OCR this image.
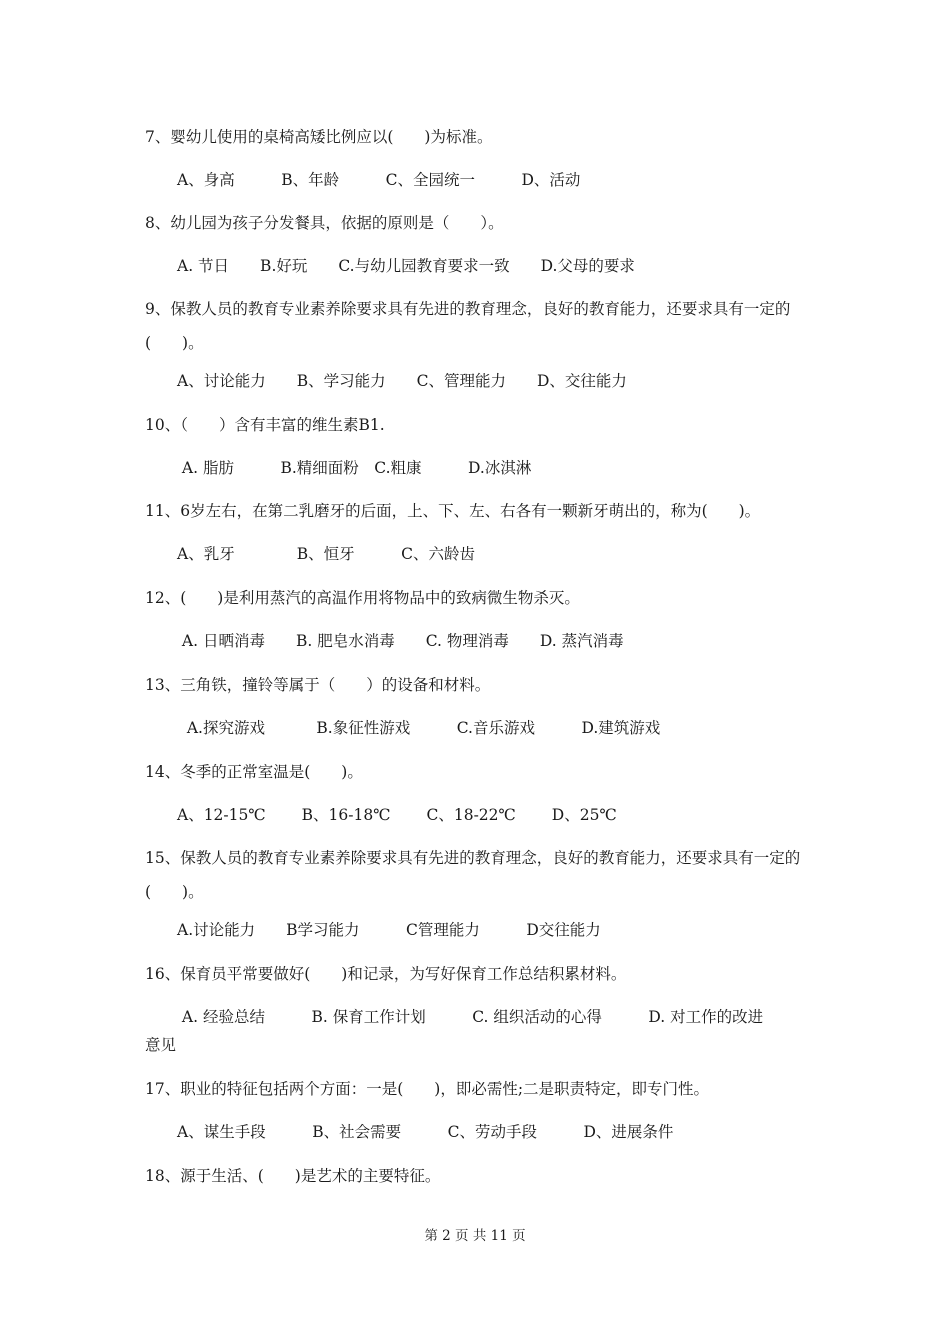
7、婴幼儿使用的桌椅高矮比例应以(　　)为标准。
A、身高　　　B、年龄　　　C、全园统一　　　D、活动
8、幼儿园为孩子分发餐具，依据的原则是（　　）。
A. 节日　　B.好玩　　C.与幼儿园教育要求一致　　D.父母的要求
9、保教人员的教育专业素养除要求具有先进的教育理念，良好的教育能力，还要求具有一定的(　　)。
A、讨论能力　　B、学习能力　　C、管理能力　　D、交往能力
10、（　　）含有丰富的维生素B1.
A. 脂肪　　　B.精细面粉　C.粗康　　　D.冰淇淋
11、6岁左右，在第二乳磨牙的后面，上、下、左、右各有一颗新牙萌出的，称为(　　)。
A、乳牙　　　　B、恒牙　　　C、六龄齿
12、(　　)是利用蒸汽的高温作用将物品中的致病微生物杀灭。
A. 日晒消毒　　B. 肥皂水消毒　　C. 物理消毒　　D. 蒸汽消毒
13、三角铁，撞铃等属于（　　）的设备和材料。
A.探究游戏　　　 B.象征性游戏　　　C.音乐游戏　　　D.建筑游戏
14、冬季的正常室温是(　　)。
A、12-15℃　　 B、16-18℃　　 C、18-22℃　　 D、25℃
15、保教人员的教育专业素养除要求具有先进的教育理念，良好的教育能力，还要求具有一定的(　　)。
A.讨论能力　　B学习能力　　　C管理能力　　　D交往能力
16、保育员平常要做好(　　)和记录，为写好保育工作总结积累材料。
A. 经验总结　　　B. 保育工作计划　　　C. 组织活动的心得　　　D. 对工作的改进
意见
17、职业的特征包括两个方面：一是(　　)，即必需性;二是职责特定，即专门性。
A、谋生手段　　　B、社会需要　　　C、劳动手段　　　D、进展条件
18、源于生活、(　　)是艺术的主要特征。
第 2 页 共 11 页
